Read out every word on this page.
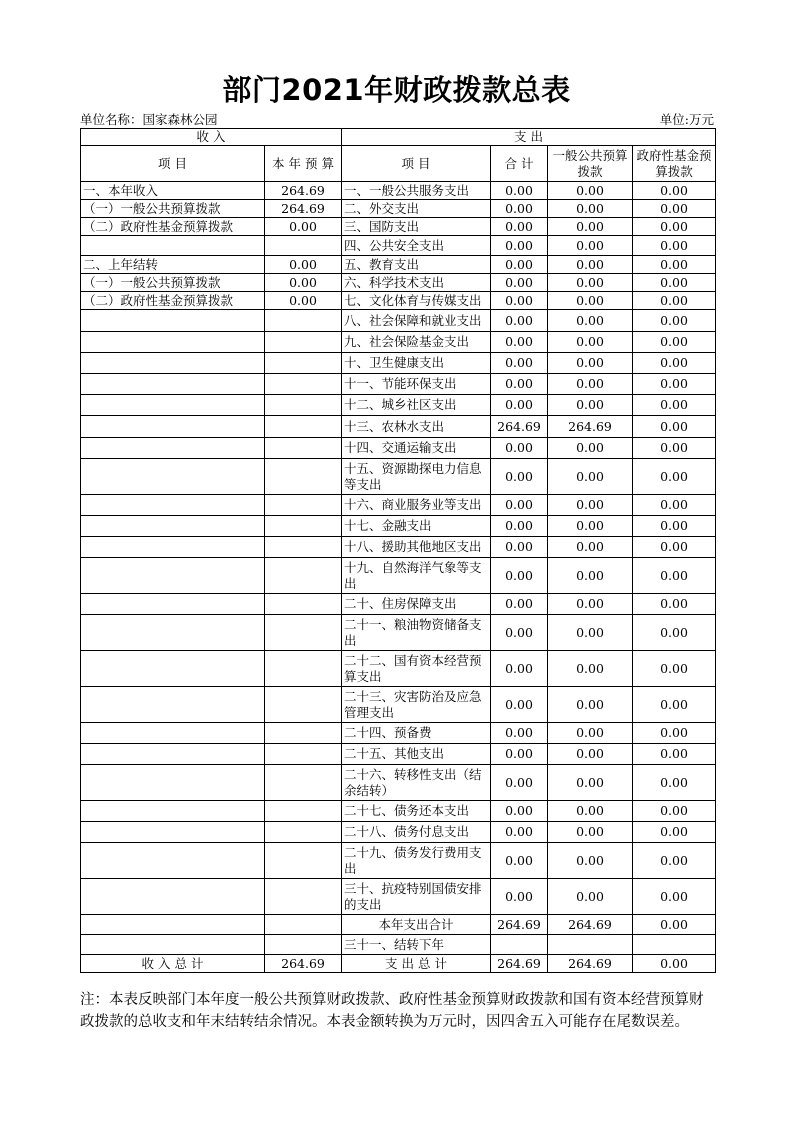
部门2021年财政拨款总表
单位名称：国家森林公园	单位:万元
收 入		支 出			
项 目	本 年 预 算	项 目	合 计	一般公共预算拨款	政府性基金预算拨款
一、本年收入	264.69	一、一般公共服务支出	0.00	0.00	0.00
（一）一般公共预算拨款	264.69	二、外交支出	0.00	0.00	0.00
（二）政府性基金预算拨款	0.00	三、国防支出	0.00	0.00	0.00
		四、公共安全支出	0.00	0.00	0.00
二、上年结转	0.00	五、教育支出	0.00	0.00	0.00
（一）一般公共预算拨款	0.00	六、科学技术支出	0.00	0.00	0.00
（二）政府性基金预算拨款	0.00	七、文化体育与传媒支出	0.00	0.00	0.00
		八、社会保障和就业支出	0.00	0.00	0.00
		九、社会保险基金支出	0.00	0.00	0.00
		十、卫生健康支出	0.00	0.00	0.00
		十一、节能环保支出	0.00	0.00	0.00
		十二、城乡社区支出	0.00	0.00	0.00
		十三、农林水支出	264.69	264.69	0.00
		十四、交通运输支出	0.00	0.00	0.00
		十五、资源勘探电力信息等支出	0.00	0.00	0.00
		十六、商业服务业等支出	0.00	0.00	0.00
		十七、金融支出	0.00	0.00	0.00
		十八、援助其他地区支出	0.00	0.00	0.00
		十九、自然海洋气象等支出	0.00	0.00	0.00
		二十、住房保障支出	0.00	0.00	0.00
		二十一、粮油物资储备支出	0.00	0.00	0.00
		二十二、国有资本经营预算支出	0.00	0.00	0.00
		二十三、灾害防治及应急管理支出	0.00	0.00	0.00
		二十四、预备费	0.00	0.00	0.00
		二十五、其他支出	0.00	0.00	0.00
		二十六、转移性支出（结余结转）	0.00	0.00	0.00
		二十七、债务还本支出	0.00	0.00	0.00
		二十八、债务付息支出	0.00	0.00	0.00
		二十九、债务发行费用支出	0.00	0.00	0.00
		三十、抗疫特别国债安排的支出	0.00	0.00	0.00
		本年支出合计	264.69	264.69	0.00
		三十一、结转下年			
收 入 总 计	264.69	支 出 总 计	264.69	264.69	0.00
注：本表反映部门本年度一般公共预算财政拨款、政府性基金预算财政拨款和国有资本经营预算财政拨款的总收支和年末结转结余情况。本表金额转换为万元时，因四舍五入可能存在尾数误差。
